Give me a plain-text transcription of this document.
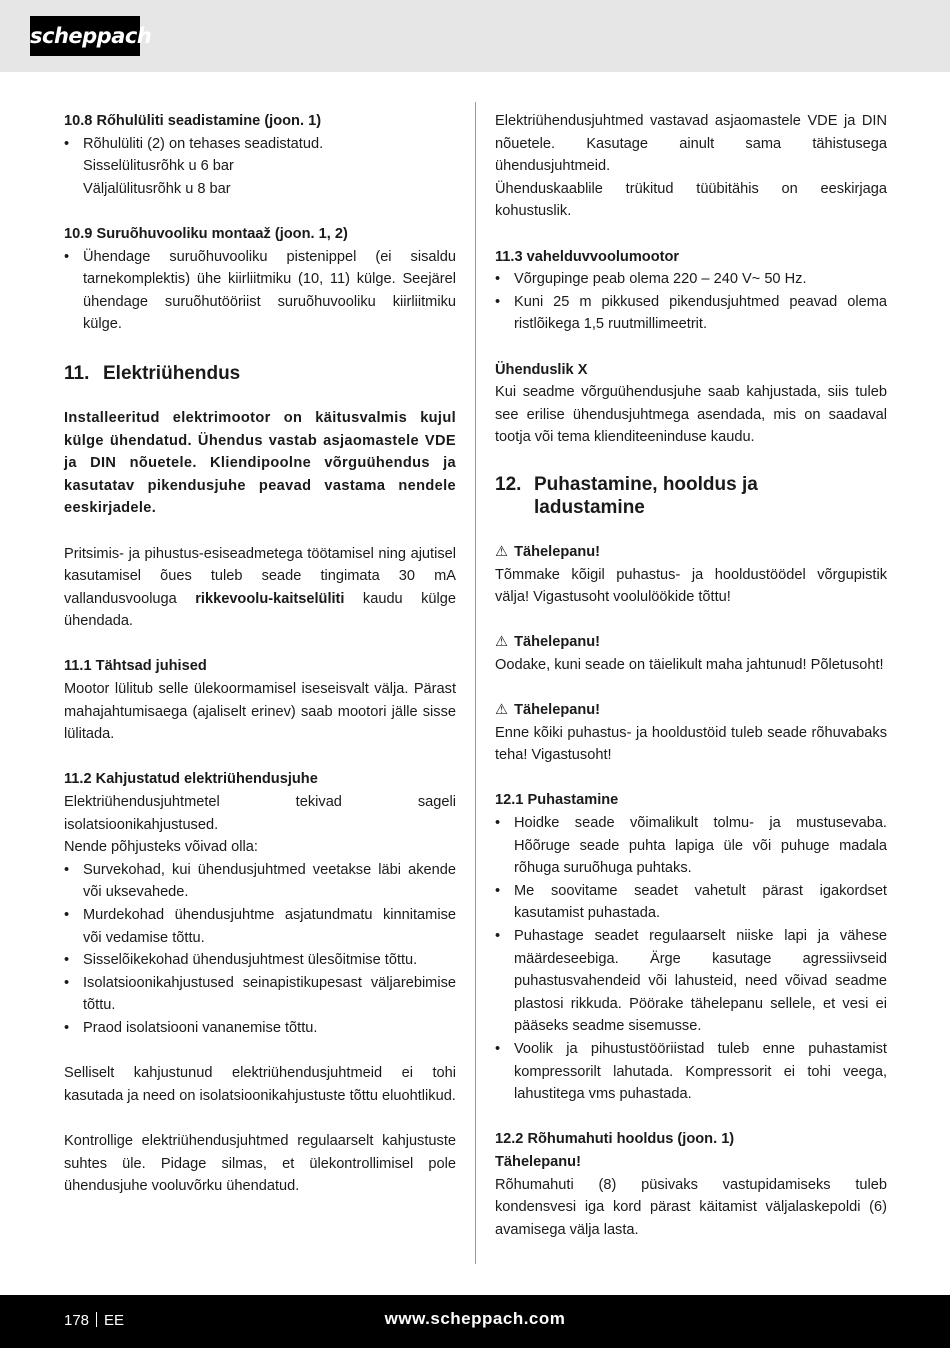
scheppach

10.8 Rőhulüliti seadistamine (joon. 1)

• Rõhulüliti (2) on tehases seadistatud.

Sisselülitusrõhk u 6 bar

Väljalülitusrõhk u 8 bar

10.9 Suruõhuvooliku montaaž (joon. 1, 2)

• Ühendage suruõhuvooliku pistenippel (ei sisaldu tarnekomplektis) ühe kiirliitmiku (10, 11) külge. Seejärel ühendage suruõhutööriist suruõhuvooliku kiirliitmiku külge.

11. Elektriühendus

Installeeritud elektrimootor on käitusvalmis kujul külge ühendatud. Ühendus vastab asjaomastele VDE ja DIN nõuetele. Kliendipoolne võrguühendus ja kasutatav pikendusjuhe peavad vastama nendele eeskirjadele.

Pritsimis- ja pihustus-esiseadmetega töötamisel ning ajutisel kasutamisel õues tuleb seade tingimata 30 mA vallandusvooluga rikkevoolu-kaitselüliti kaudu külge ühendada.

11.1 Tähtsad juhised

Mootor lülitub selle ülekoormamisel iseseisvalt välja. Pärast mahajahtumisaega (ajaliselt erinev) saab mootori jälle sisse lülitada.

11.2 Kahjustatud elektriühendusjuhe

Elektriühendusjuhtmetel tekivad sageli isolatsioonikahjustused.

Nende põhjusteks võivad olla:

• Survekohad, kui ühendusjuhtmed veetakse läbi akende või uksevahede.
• Murdekohad ühendusjuhtme asjatundmatu kinnitamise või vedamise tõttu.
• Sisselõikekohad ühendusjuhtmest ülesõitmise tõttu.
• Isolatsioonikahjustused seinapistikupesast väljarebimise tõttu.
• Praod isolatsiooni vananemise tõttu.

Selliselt kahjustunud elektriühendusjuhtmeid ei tohi kasutada ja need on isolatsioonikahjustuste tõttu eluohtlikud.

Kontrollige elektriühendusjuhtmed regulaarselt kahjustuste suhtes üle. Pidage silmas, et ülekontrollimisel pole ühendusjuhe vooluvõrku ühendatud.

Elektriühendusjuhtmed vastavad asjaomastele VDE ja DIN nõuetele. Kasutage ainult sama tähistusega ühendusjuhtmeid.

Ühenduskaablile trükitud tüübitähis on eeskirjaga kohustuslik.

11.3 vahelduvvoolumootor

• Võrgupinge peab olema 220 – 240 V~ 50 Hz.
• Kuni 25 m pikkused pikendusjuhtmed peavad olema ristlõikega 1,5 ruutmillimeetrit.

Ühenduslik X

Kui seadme võrguühendusjuhe saab kahjustada, siis tuleb see erilise ühendusjuhtmega asendada, mis on saadaval tootja või tema klienditeeninduse kaudu.

12. Puhastamine, hooldus ja

ladustamine

⚠ Tähelepanu!

Tõmmake kõigil puhastus- ja hooldustöödel võrgupistik välja! Vigastusoht voolulöökide tõttu!

⚠ Tähelepanu!

Oodake, kuni seade on täielikult maha jahtunud! Põletusoht!

⚠ Tähelepanu!

Enne kõiki puhastus- ja hooldustöid tuleb seade rõhuvabaks teha! Vigastusoht!

12.1 Puhastamine

• Hoidke seade võimalikult tolmu- ja mustusevaba. Hõõruge seade puhta lapiga üle või puhuge madala rõhuga suruõhuga puhtaks.
• Me soovitame seadet vahetult pärast igakordset kasutamist puhastada.
• Puhastage seadet regulaarselt niiske lapi ja vähese määrdeseebiga. Ärge kasutage agressiivseid puhastusvahendeid või lahusteid, need võivad seadme plastosi rikkuda. Pöörake tähelepanu sellele, et vesi ei pääseks seadme sisemusse.
• Voolik ja pihustustööriistad tuleb enne puhastamist kompressorilt lahutada. Kompressorit ei tohi veega, lahustitega vms puhastada.

12.2 Rõhumahuti hooldus (joon. 1)

Tähelepanu!

Rõhumahuti (8) püsivaks vastupidamiseks tuleb kondensvesi iga kord pärast käitamist väljalaskepoldi (6) avamisega välja lasta.

178 EE	www.scheppach.com
